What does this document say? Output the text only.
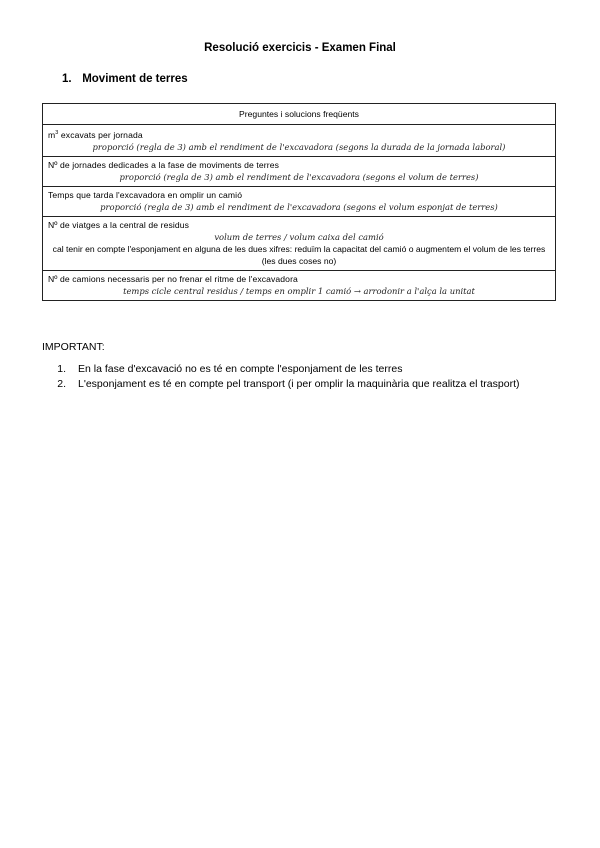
Resolució exercicis - Examen Final
1. Moviment de terres
Preguntes i solucions freqüents

$m^3$ excavats per jornada
proporció (regla de 3) amb el rendiment de l'excavadora (segons la durada de la jornada laboral)

Nº de jornades dedicades a la fase de moviments de terres
proporció (regla de 3) amb el rendiment de l'excavadora (segons el volum de terres)

Temps que tarda l'excavadora en omplir un camió
proporció (regla de 3) amb el rendiment de l'excavadora (segons el volum esponjat de terres)

Nº de viatges a la central de residus
volum de terres / volum caixa del camió
cal tenir en compte l'esponjament en alguna de les dues xifres: reduïm la capacitat del camió o augmentem el volum de les terres (les dues coses no)

Nº de camions necessaris per no frenar el ritme de l'excavadora
temps cicle central residus / temps en omplir 1 camió → arrodonir a l'alça la unitat
IMPORTANT:
1. En la fase d'excavació no es té en compte l'esponjament de les terres
2. L'esponjament es té en compte pel transport (i per omplir la maquinària que realitza el trasport)
